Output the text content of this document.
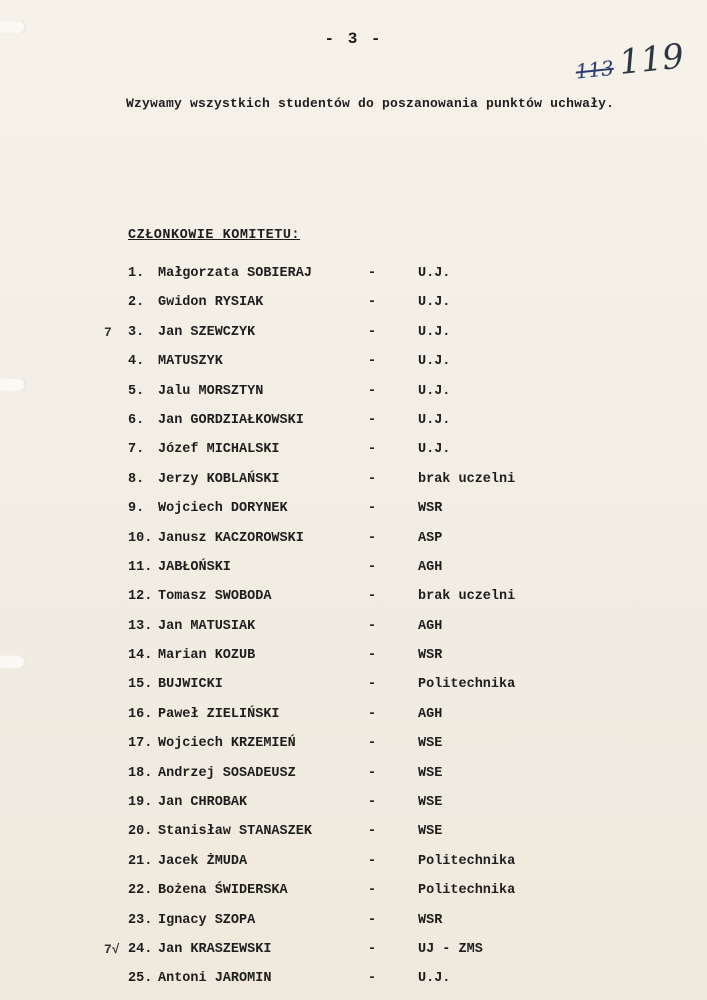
- 3 -
113119
Wzywamy wszystkich studentów do poszanowania punktów uchwały.
CZŁONKOWIE KOMITETU:
1. Małgorzata SOBIERAJ	-	U.J.
2. Gwidon RYSIAK	-	U.J.
7 3. Jan SZEWCZYK	-	U.J.
4. MATUSZYK	-	U.J.
5. Jalu MORSZTYN	-	U.J.
6. Jan GORDZIAŁKOWSKI	-	U.J.
7. Józef MICHALSKI	-	U.J.
8. Jerzy KOBLAŃSKI	-	brak uczelni
9. Wojciech DORYNEK	-	WSR
10. Janusz KACZOROWSKI	-	ASP
11. JABŁOŃSKI	-	AGH
12. Tomasz SWOBODA	-	brak uczelni
13. Jan MATUSIAK	-	AGH
14. Marian KOZUB	-	WSR
15. BUJWICKI	-	Politechnika
16. Paweł ZIELIŃSKI	-	AGH
17. Wojciech KRZEMIEŃ	-	WSE
18. Andrzej SOSADEUSZ	-	WSE
19. Jan CHROBAK	-	WSE
20. Stanisław STANASZEK	-	WSE
21. Jacek ŻMUDA	-	Politechnika
22. Bożena ŚWIDERSKA	-	Politechnika
23. Ignacy SZOPA	-	WSR
7√ 24. Jan KRASZEWSKI	-	UJ - ZMS
25. Antoni JAROMIN	-	U.J.
